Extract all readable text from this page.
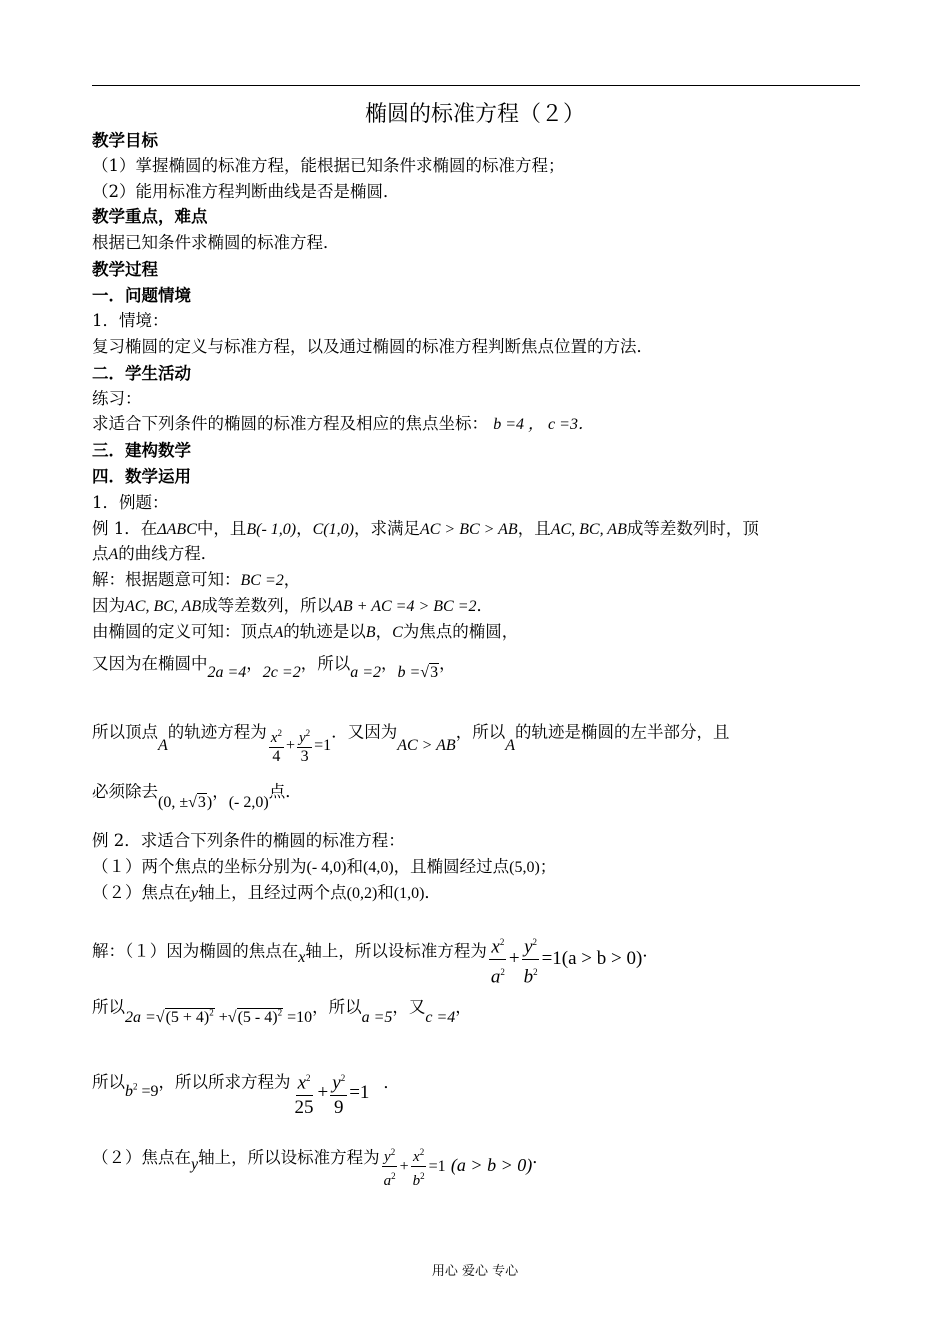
椭圆的标准方程（２）
教学目标
（1）掌握椭圆的标准方程，能根据已知条件求椭圆的标准方程；
（2）能用标准方程判断曲线是否是椭圆．
教学重点，难点
根据已知条件求椭圆的标准方程．
教学过程
一．问题情境
1．情境：
复习椭圆的定义与标准方程，以及通过椭圆的标准方程判断焦点位置的方法．
二．学生活动
练习：
求适合下列条件的椭圆的标准方程及相应的焦点坐标： b =4 ， c =3．
三．建构数学
四．数学运用
1．例题：
例 1．在ΔABC中，且B(- 1,0)，C(1,0)，求满足AC > BC > AB，且AC, BC, AB成等差数列时，顶
点A的曲线方程．
解：根据题意可知：BC =2，
因为AC, BC, AB成等差数列，所以AB + AC =4 > BC =2．
由椭圆的定义可知：顶点A的轨迹是以B，C为焦点的椭圆，
又因为在椭圆中2a =4，2c =2，所以a =2，b =√3，
所以顶点A的轨迹方程为 $\frac{x^2}{4} + \frac{y^2}{3} =1$．又因为AC > AB，所以A的轨迹是椭圆的左半部分，且
必须除去(0, ±√3)，(- 2,0)点．
例 2．求适合下列条件的椭圆的标准方程：
（１）两个焦点的坐标分别为(- 4,0)和(4,0)，且椭圆经过点(5,0)；
（２）焦点在y轴上，且经过两个点(0,2)和(1,0)．
解：（１）因为椭圆的焦点在x轴上，所以设标准方程为 $\frac{x^2}{a^2} + \frac{y^2}{b^2} =1(a > b > 0)$．
所以$2a =√(5 + 4)^2 +√(5 - 4)^2 =10$，所以a =5，又c =4，
所以$b^2 =9$，所以所求方程为 $\frac{x^2}{25} + \frac{y^2}{9} =1$ ．
（２）焦点在y轴上，所以设标准方程为 $\frac{y^2}{a^2} + \frac{x^2}{b^2} =1$ (a > b > 0)．
用心 爱心 专心
